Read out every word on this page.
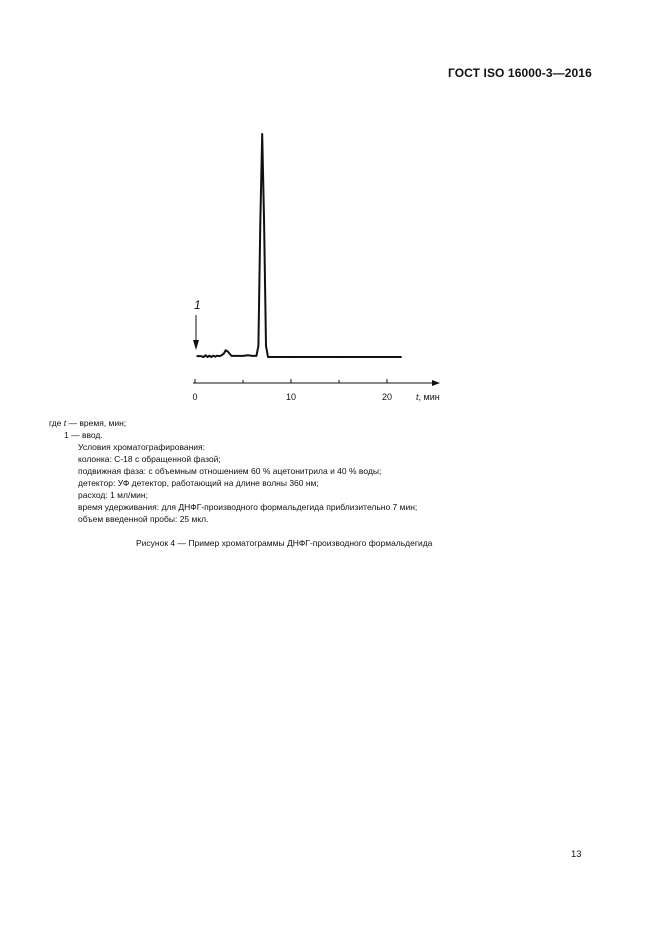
ГОСТ ISO 16000-3—2016
0	10	20	t, мин
1
где t — время, мин;
1 — ввод.
Условия хроматографирования:
колонка: С-18 с обращенной фазой;
подвижная фаза: с объемным отношением 60 % ацетонитрила и 40 % воды;
детектор: УФ детектор, работающий на длине волны 360 нм;
расход: 1 мл/мин;
время удерживания: для ДНФГ-производного формальдегида приблизительно 7 мин;
объем введенной пробы: 25 мкл.
Рисунок 4 — Пример хроматограммы ДНФГ-производного формальдегида
13
